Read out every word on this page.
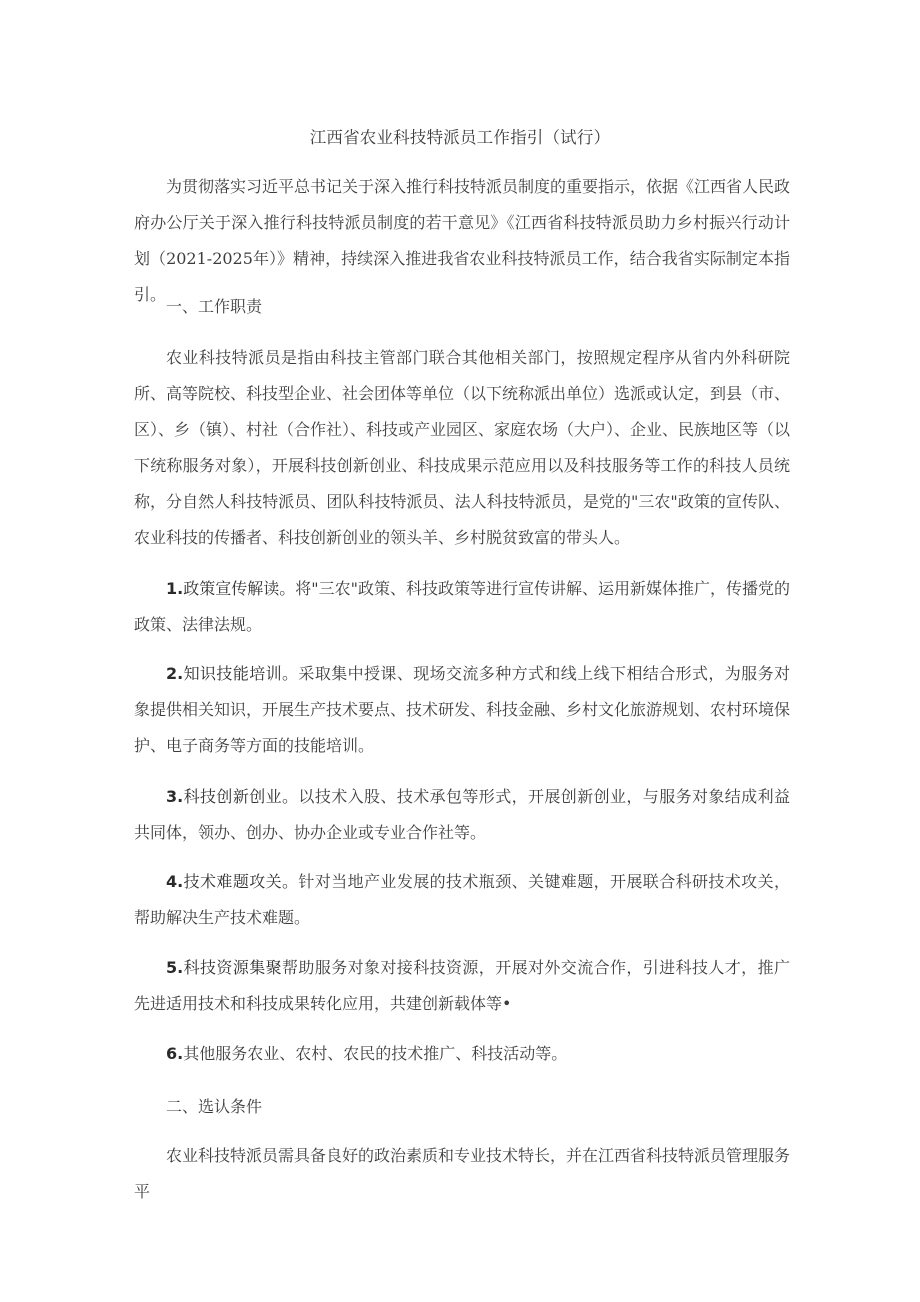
江西省农业科技特派员工作指引（试行）
为贯彻落实习近平总书记关于深入推行科技特派员制度的重要指示，依据《江西省人民政府办公厅关于深入推行科技特派员制度的若干意见》《江西省科技特派员助力乡村振兴行动计划（2021-2025年）》精神，持续深入推进我省农业科技特派员工作，结合我省实际制定本指引。
一、工作职责
农业科技特派员是指由科技主管部门联合其他相关部门，按照规定程序从省内外科研院所、高等院校、科技型企业、社会团体等单位（以下统称派出单位）选派或认定，到县（市、区）、乡（镇）、村社（合作社）、科技或产业园区、家庭农场（大户）、企业、民族地区等（以下统称服务对象），开展科技创新创业、科技成果示范应用以及科技服务等工作的科技人员统称，分自然人科技特派员、团队科技特派员、法人科技特派员，是党的"三农"政策的宣传队、农业科技的传播者、科技创新创业的领头羊、乡村脱贫致富的带头人。
1.政策宣传解读。将"三农"政策、科技政策等进行宣传讲解、运用新媒体推广，传播党的政策、法律法规。
2.知识技能培训。采取集中授课、现场交流多种方式和线上线下相结合形式，为服务对象提供相关知识，开展生产技术要点、技术研发、科技金融、乡村文化旅游规划、农村环境保护、电子商务等方面的技能培训。
3.科技创新创业。以技术入股、技术承包等形式，开展创新创业，与服务对象结成利益共同体，领办、创办、协办企业或专业合作社等。
4.技术难题攻关。针对当地产业发展的技术瓶颈、关键难题，开展联合科研技术攻关，帮助解决生产技术难题。
5.科技资源集聚帮助服务对象对接科技资源，开展对外交流合作，引进科技人才，推广先进适用技术和科技成果转化应用，共建创新载体等•
6.其他服务农业、农村、农民的技术推广、科技活动等。
二、选认条件
农业科技特派员需具备良好的政治素质和专业技术特长，并在江西省科技特派员管理服务平
